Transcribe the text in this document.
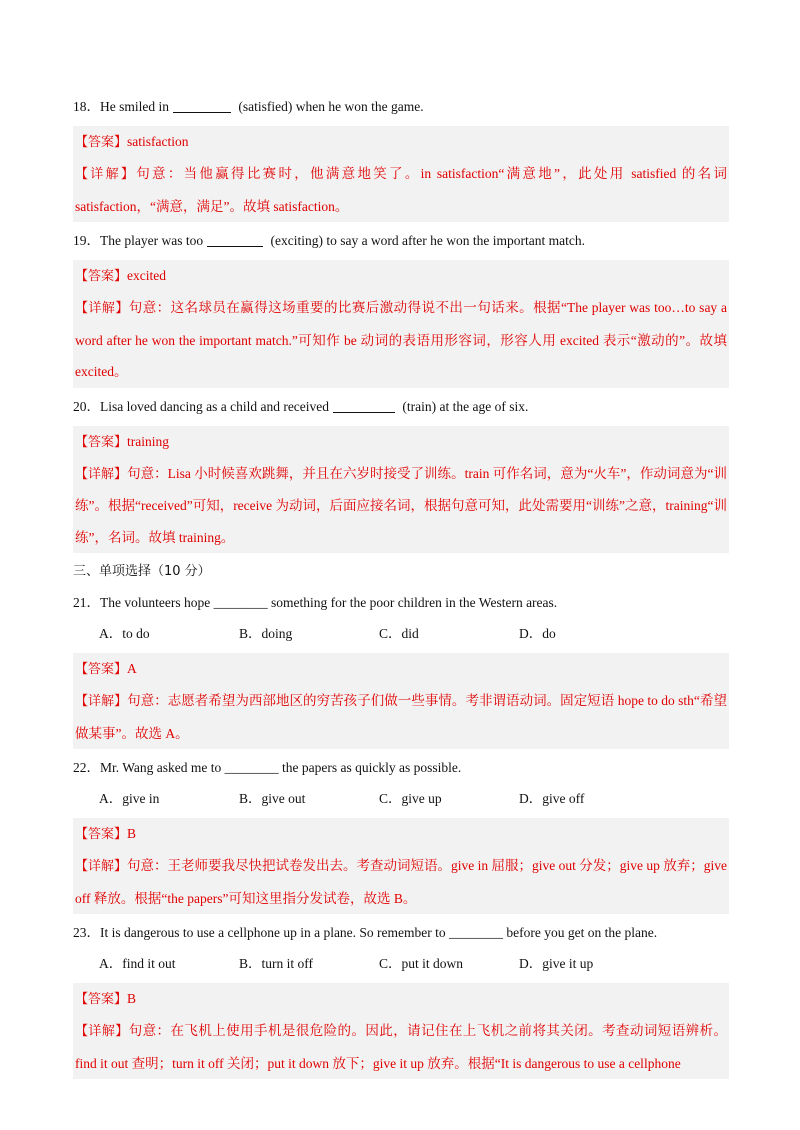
18．He smiled in	(satisfied) when he won the game.
【答案】satisfaction
【详解】句意：当他赢得比赛时，他满意地笑了。in satisfaction“满意地”，此处用 satisfied 的名词 satisfaction，“满意，满足”。故填 satisfaction。
19．The player was too	(exciting) to say a word after he won the important match.
【答案】excited
【详解】句意：这名球员在赢得这场重要的比赛后激动得说不出一句话来。根据“The player was too…to say a word after he won the important match.”可知作 be 动词的表语用形容词，形容人用 excited 表示“激动的”。故填 excited。
20．Lisa loved dancing as a child and received	(train) at the age of six.
【答案】training
【详解】句意：Lisa 小时候喜欢跳舞，并且在六岁时接受了训练。train 可作名词，意为“火车”，作动词意为“训练”。根据“received”可知，receive 为动词，后面应接名词，根据句意可知，此处需要用“训练”之意，training“训练”，名词。故填 training。
三、单项选择（10 分）
21．The volunteers hope ________ something for the poor children in the Western areas.
A．to do	B．doing	C．did	D．do
【答案】A
【详解】句意：志愿者希望为西部地区的穷苦孩子们做一些事情。考非谓语动词。固定短语 hope to do sth“希望做某事”。故选 A。
22．Mr. Wang asked me to ________ the papers as quickly as possible.
A．give in	B．give out	C．give up	D．give off
【答案】B
【详解】句意：王老师要我尽快把试卷发出去。考查动词短语。give in 屈服；give out 分发；give up 放弃；give off 释放。根据“the papers”可知这里指分发试卷，故选 B。
23．It is dangerous to use a cellphone up in a plane. So remember to ________ before you get on the plane.
A．find it out	B．turn it off	C．put it down	D．give it up
【答案】B
【详解】句意：在飞机上使用手机是很危险的。因此，请记住在上飞机之前将其关闭。考查动词短语辨析。find it out 查明；turn it off 关闭；put it down 放下；give it up 放弃。根据“It is dangerous to use a cellphone
